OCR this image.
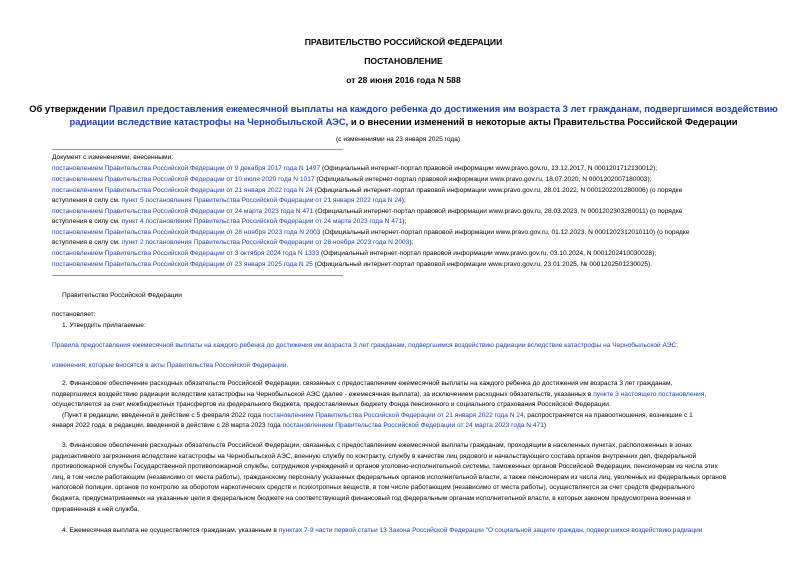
ПРАВИТЕЛЬСТВО РОССИЙСКОЙ ФЕДЕРАЦИИ
ПОСТАНОВЛЕНИЕ
от 28 июня 2016 года N 588
Об утверждении Правил предоставления ежемесячной выплаты на каждого ребенка до достижения им возраста 3 лет гражданам, подвергшимся воздействию
радиации вследствие катастрофы на Чернобыльской АЭС, и о внесении изменений в некоторые акты Правительства Российской Федерации
(с изменениями на 23 января 2025 года)
Документ с изменениями, внесенными:
постановлением Правительства Российской Федерации от 9 декабря 2017 года N 1497 (Официальный интернет-портал правовой информации www.pravo.gov.ru, 13.12.2017, N 0001201712130012);
постановлением Правительства Российской Федерации от 10 июля 2020 года N 1017 (Официальный интернет-портал правовой информации www.pravo.gov.ru, 18.07.2020, N 0001202007180003);
постановлением Правительства Российской Федерации от 21 января 2022 года N 24 (Официальный интернет-портал правовой информации www.pravo.gov.ru, 28.01.2022, N 0001202201280006) (о порядке
вступления в силу см. пункт 5 постановления Правительства Российской Федерации от 21 января 2022 года N 24);
постановлением Правительства Российской Федерации от 24 марта 2023 года N 471 (Официальный интернет-портал правовой информации www.pravo.gov.ru, 28.03.2023, N 0001202303280011) (о порядке
вступления в силу см. пункт 4 постановления Правительства Российской Федерации от 24 марта 2023 года N 471);
постановлением Правительства Российской Федерации от 28 ноября 2023 года N 2003 (Официальный интернет-портал правовой информации www.pravo.gov.ru, 01.12.2023, N 0001202312010110) (о порядке
вступления в силу см. пункт 2 постановления Правительства Российской Федерации от 28 ноября 2023 года N 2003);
постановлением Правительства Российской Федерации от 3 октября 2024 года N 1333 (Официальный интернет-портал правовой информации www.pravo.gov.ru, 03.10.2024, N 0001202410030028);
постановлением Правительства Российской Федерации от 23 января 2025 года N 25 (Официальный интернет-портал правовой информации www.pravo.gov.ru, 23.01.2025, № 0001202501230025).
Правительство Российской Федерации
постановляет:
1. Утвердить прилагаемые:
Правила предоставления ежемесячной выплаты на каждого ребенка до достижения им возраста 3 лет гражданам, подвергшимся воздействию радиации вследствие катастрофы на Чернобыльской АЭС;
изменения, которые вносятся в акты Правительства Российской Федерации.
2. Финансовое обеспечение расходных обязательств Российской Федерации, связанных с предоставлением ежемесячной выплаты на каждого ребенка до достижения им возраста 3 лет гражданам,
подвергшимся воздействию радиации вследствие катастрофы на Чернобыльской АЭС (далее - ежемесячная выплата), за исключением расходных обязательств, указанных в пункте 3 настоящего постановления,
осуществляется за счет межбюджетных трансфертов из федерального бюджета, предоставляемых бюджету Фонда пенсионного и социального страхования Российской Федерации.
(Пункт в редакции, введенной в действие с 5 февраля 2022 года постановлением Правительства Российской Федерации от 21 января 2022 года N 24, распространяется на правоотношения, возникшие с 1
января 2022 года; в редакции, введенной в действие с 28 марта 2023 года постановлением Правительства Российской Федерации от 24 марта 2023 года N 471)
3. Финансовое обеспечение расходных обязательств Российской Федерации, связанных с предоставлением ежемесячной выплаты гражданам, проходящим в населенных пунктах, расположенных в зонах
радиоактивного загрязнения вследствие катастрофы на Чернобыльской АЭС, военную службу по контракту, службу в качестве лиц рядового и начальствующего состава органов внутренних дел, федеральной
противопожарной службы Государственной противопожарной службы, сотрудников учреждений и органов уголовно-исполнительной системы, таможенных органов Российской Федерации, пенсионерам из числа этих
лиц, в том числе работающим (независимо от места работы), гражданскому персоналу указанных федеральных органов исполнительной власти, а также пенсионерам из числа лиц, уволенных из федеральных органов
налоговой полиции, органов по контролю за оборотом наркотических средств и психотропных веществ, в том числе работающим (независимо от места работы), осуществляется за счет средств федерального
бюджета, предусматриваемых на указанные цели в федеральном бюджете на соответствующий финансовый год федеральным органам исполнительной власти, в которых законом предусмотрена военная и
приравненная к ней служба.
4. Ежемесячная выплата не осуществляется гражданам, указанным в пунктах 7-9 части первой статьи 13 Закона Российской Федерации "О социальной защите граждан, подвергшихся воздействию радиации
